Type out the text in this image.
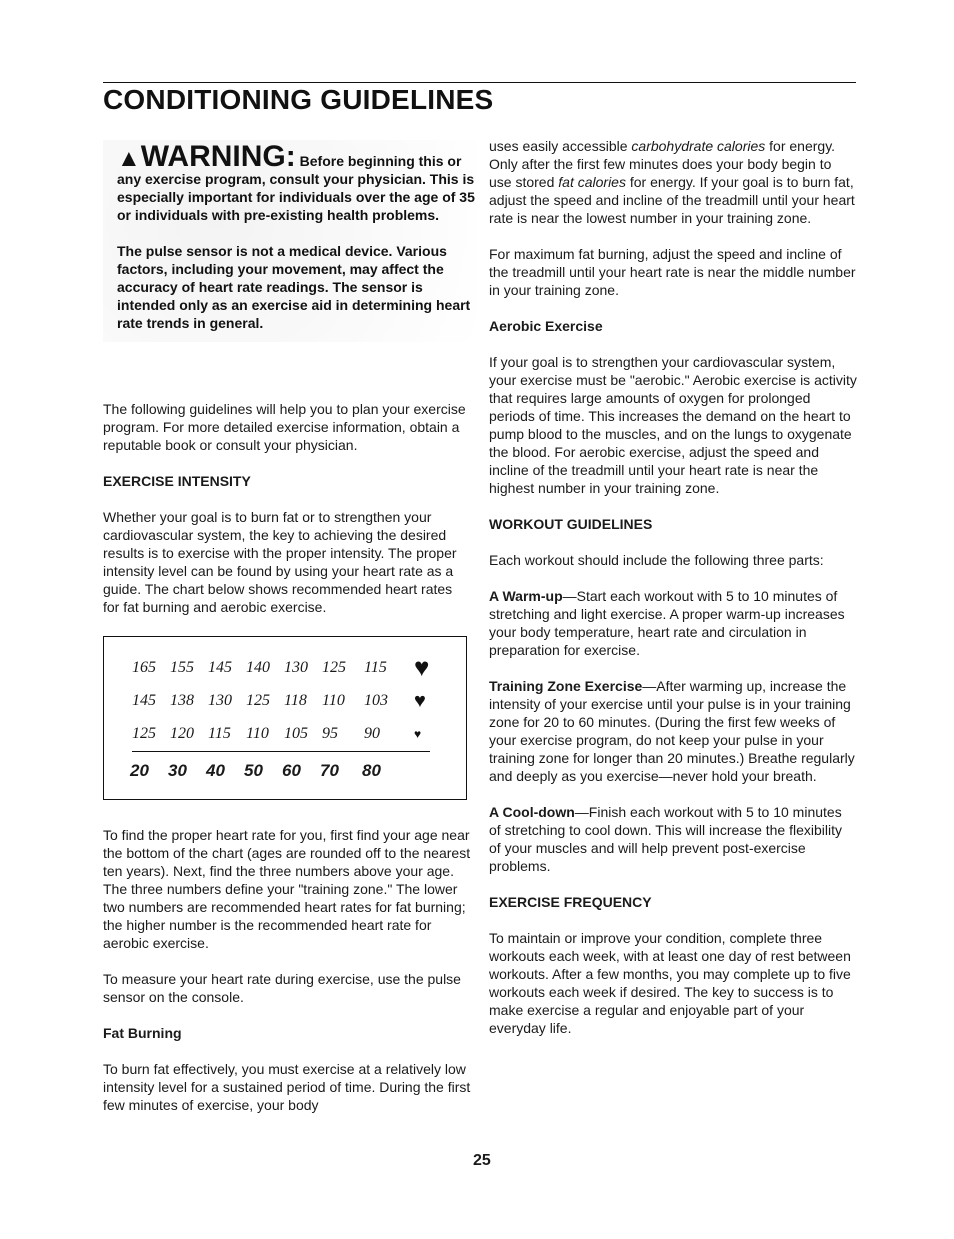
CONDITIONING GUIDELINES

▲WARNING: Before beginning this or any exercise program, consult your physician. This is especially important for individuals over the age of 35 or individuals with pre-existing health problems.

The pulse sensor is not a medical device. Various factors, including your movement, may affect the accuracy of heart rate readings. The sensor is intended only as an exercise aid in determining heart rate trends in general.

The following guidelines will help you to plan your exercise program. For more detailed exercise information, obtain a reputable book or consult your physician.

EXERCISE INTENSITY

Whether your goal is to burn fat or to strengthen your cardiovascular system, the key to achieving the desired results is to exercise with the proper intensity. The proper intensity level can be found by using your heart rate as a guide. The chart below shows recommended heart rates for fat burning and aerobic exercise.

165 155 145 140 130 125 115 ♥
145 138 130 125 118 110 103 ♥
125 120 115 110 105 95 90	♥
20 30 40 50 60 70 80

To find the proper heart rate for you, first find your age near the bottom of the chart (ages are rounded off to the nearest ten years). Next, find the three numbers above your age. The three numbers define your "training zone." The lower two numbers are recommended heart rates for fat burning; the higher number is the recommended heart rate for aerobic exercise.

To measure your heart rate during exercise, use the pulse sensor on the console.

Fat Burning

To burn fat effectively, you must exercise at a relatively low intensity level for a sustained period of time. During the first few minutes of exercise, your body

uses easily accessible carbohydrate calories for energy. Only after the first few minutes does your body begin to use stored fat calories for energy. If your goal is to burn fat, adjust the speed and incline of the treadmill until your heart rate is near the lowest number in your training zone.

For maximum fat burning, adjust the speed and incline of the treadmill until your heart rate is near the middle number in your training zone.

Aerobic Exercise

If your goal is to strengthen your cardiovascular system, your exercise must be "aerobic." Aerobic exercise is activity that requires large amounts of oxygen for prolonged periods of time. This increases the demand on the heart to pump blood to the muscles, and on the lungs to oxygenate the blood. For aerobic exercise, adjust the speed and incline of the treadmill until your heart rate is near the highest number in your training zone.

WORKOUT GUIDELINES

Each workout should include the following three parts:

A Warm-up—Start each workout with 5 to 10 minutes of stretching and light exercise. A proper warm-up increases your body temperature, heart rate and circulation in preparation for exercise.

Training Zone Exercise—After warming up, increase the intensity of your exercise until your pulse is in your training zone for 20 to 60 minutes. (During the first few weeks of your exercise program, do not keep your pulse in your training zone for longer than 20 minutes.) Breathe regularly and deeply as you exercise—never hold your breath.

A Cool-down—Finish each workout with 5 to 10 minutes of stretching to cool down. This will increase the flexibility of your muscles and will help prevent post-exercise problems.

EXERCISE FREQUENCY

To maintain or improve your condition, complete three workouts each week, with at least one day of rest between workouts. After a few months, you may complete up to five workouts each week if desired. The key to success is to make exercise a regular and enjoyable part of your everyday life.

25
